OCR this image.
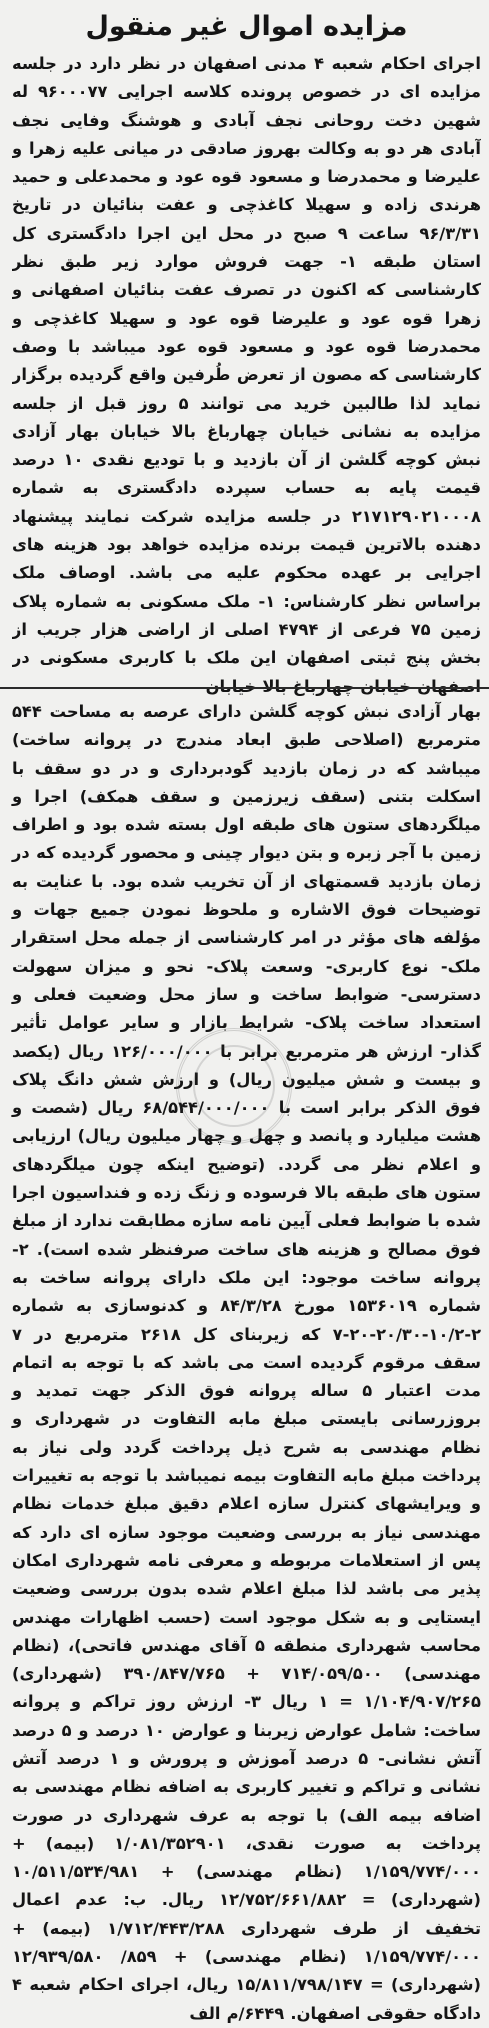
مزایده اموال غیر منقول

اجرای احکام شعبه ۴ مدنی اصفهان در نظر دارد در جلسه مزایده ای در خصوص پرونده کلاسه اجرایی ۹۶۰۰۰۷۷ له شهین دخت روحانی نجف آبادی و هوشنگ وفایی نجف آبادی هر دو به وکالت بهروز صادقی در میانی علیه زهرا و علیرضا و محمدرضا و مسعود قوه عود و محمدعلی و حمید هرندی زاده و سهیلا کاغذچی و عفت بنائیان در تاریخ ۹۶/۳/۳۱ ساعت ۹ صبح در محل این اجرا دادگستری کل استان طبقه ۱- جهت فروش موارد زیر طبق نظر کارشناسی که اکنون در تصرف عفت بنائیان اصفهانی و زهرا قوه عود و علیرضا قوه عود و سهیلا کاغذچی و محمدرضا قوه عود و مسعود قوه عود میباشد با وصف کارشناسی که مصون از تعرض طُرفین واقع گردیده برگزار نماید لذا طالبین خرید می توانند ۵ روز قبل از جلسه مزایده به نشانی خیابان چهارباغ بالا خیابان بهار آزادی نبش کوچه گلشن از آن بازدید و با تودیع نقدی ۱۰ درصد قیمت پایه به حساب سپرده دادگستری به شماره ۲۱۷۱۲۹۰۲۱۰۰۰۸ در جلسه مزایده شرکت نمایند پیشنهاد دهنده بالاترین قیمت برنده مزایده خواهد بود هزینه های اجرایی بر عهده محکوم علیه می باشد. اوصاف ملک براساس نظر کارشناس: ۱- ملک مسکونی به شماره پلاک زمین ۷۵ فرعی از ۴۷۹۴ اصلی از اراضی هزار جریب از بخش پنج ثبتی اصفهان این ملک با کاربری مسکونی در اصفهان خیابان چهارباغ بالا خیابان

بهار آزادی نبش کوچه گلشن دارای عرصه به مساحت ۵۴۴ مترمربع (اصلاحی طبق ابعاد مندرج در پروانه ساخت) میباشد که در زمان بازدید گودبرداری و در دو سقف با اسکلت بتنی (سقف زیرزمین و سقف همکف) اجرا و میلگردهای ستون های طبقه اول بسته شده بود و اطراف زمین با آجر زبره و بتن دیوار چینی و محصور گردیده که در زمان بازدید قسمتهای از آن تخریب شده بود. با عنایت به توضیحات فوق الاشاره و ملحوظ نمودن جمیع جهات و مؤلفه های مؤثر در امر کارشناسی از جمله محل استقرار ملک- نوع کاربری- وسعت پلاک- نحو و میزان سهولت دسترسی- ضوابط ساخت و ساز محل وضعیت فعلی و استعداد ساخت پلاک- شرایط بازار و سایر عوامل تأثیر گذار- ارزش هر مترمربع برابر با ۱۲۶/۰۰۰/۰۰۰ ریال (یکصد و بیست و شش میلیون ریال) و ارزش شش دانگ پلاک فوق الذکر برابر است با ۶۸/۵۴۴/۰۰۰/۰۰۰ ریال (شصت و هشت میلیارد و پانصد و چهل و چهار میلیون ریال) ارزیابی و اعلام نظر می گردد. (توضیح اینکه چون میلگردهای ستون های طبقه بالا فرسوده و زنگ زده و فنداسیون اجرا شده با ضوابط فعلی آیین نامه سازه مطابقت ندارد از مبلغ فوق مصالح و هزینه های ساخت صرفنظر شده است). ۲- پروانه ساخت موجود: این ملک دارای پروانه ساخت به شماره ۱۵۳۶۰۱۹ مورخ ۸۴/۳/۲۸ و کدنوسازی به شماره ۲-۱۰/۲-۲۰/۳۰-۲۰-۷ که زیربنای کل ۲۶۱۸ مترمربع در ۷ سقف مرقوم گردیده است می باشد که با توجه به اتمام مدت اعتبار ۵ ساله پروانه فوق الذکر جهت تمدید و بروزرسانی بایستی مبلغ مابه التفاوت در شهرداری و نظام مهندسی به شرح ذیل پرداخت گردد ولی نیاز به پرداخت مبلغ مابه التفاوت بیمه نمیباشد با توجه به تغییرات و ویرایشهای کنترل سازه اعلام دقیق مبلغ خدمات نظام مهندسی نیاز به بررسی وضعیت موجود سازه ای دارد که پس از استعلامات مربوطه و معرفی نامه شهرداری امکان پذیر می باشد لذا مبلغ اعلام شده بدون بررسی وضعیت ایستایی و به شکل موجود است (حسب اظهارات مهندس محاسب شهرداری منطقه ۵ آقای مهندس فاتحی)، (نظام مهندسی) ۷۱۴/۰۵۹/۵۰۰ + ۳۹۰/۸۴۷/۷۶۵ (شهرداری) ۱/۱۰۴/۹۰۷/۲۶۵ = ۱ ریال ۳- ارزش روز تراکم و پروانه ساخت: شامل عوارض زیربنا و عوارض ۱۰ درصد و ۵ درصد آتش نشانی- ۵ درصد آموزش و پرورش و ۱ درصد آتش نشانی و تراکم و تغییر کاربری به اضافه نظام مهندسی به اضافه بیمه الف) با توجه به عرف شهرداری در صورت پرداخت به صورت نقدی، ۱/۰۸۱/۳۵۲۹۰۱ (بیمه) + ۱/۱۵۹/۷۷۴/۰۰۰ (نظام مهندسی) + ۱۰/۵۱۱/۵۳۴/۹۸۱ (شهرداری) = ۱۲/۷۵۲/۶۶۱/۸۸۲ ریال. ب: عدم اعمال تخفیف از طرف شهرداری ۱/۷۱۲/۴۴۳/۲۸۸ (بیمه) + ۱/۱۵۹/۷۷۴/۰۰۰ (نظام مهندسی) + ۸۵۹/ ۱۲/۹۳۹/۵۸۰ (شهرداری) = ۱۵/۸۱۱/۷۹۸/۱۴۷ ریال، اجرای احکام شعبه ۴ دادگاه حقوقی اصفهان. ۶۴۴۹/م الف
